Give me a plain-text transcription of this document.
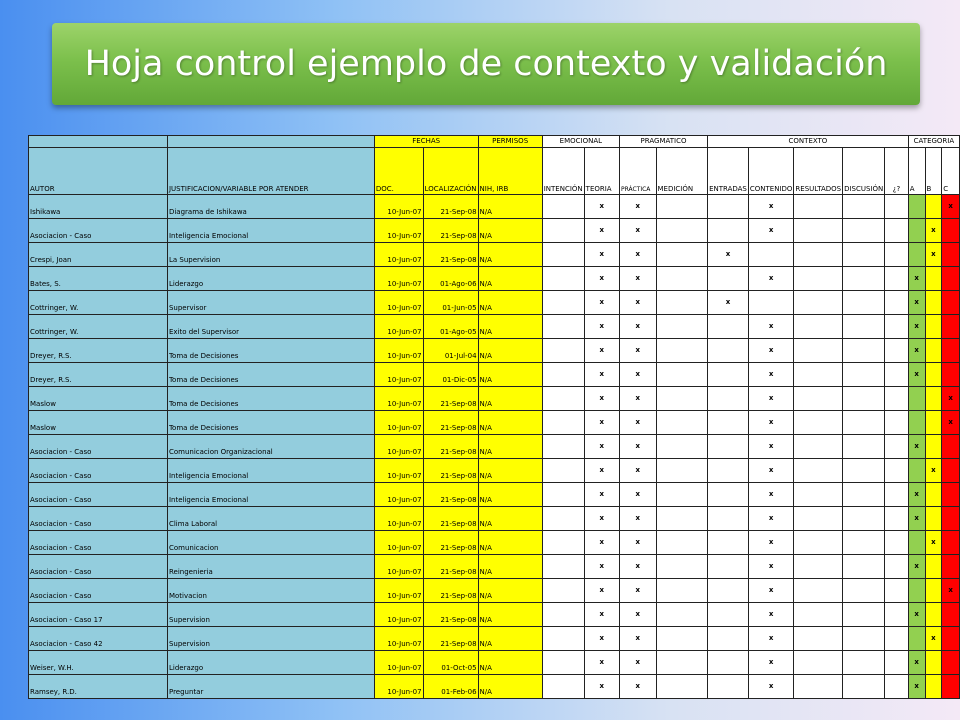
Hoja control ejemplo de contexto y validación
		FECHAS		PERMISOS	EMOCIONAL		PRAGMATICO		CONTEXTO					CATEGORIA		
AUTOR	JUSTIFICACION/VARIABLE POR ATENDER	DOC.	LOCALIZACIÓN	NIH, IRB	INTENCIÓN	TEORIA	PRÁCTICA	MEDICIÓN	ENTRADAS	CONTENIDO	RESULTADOS	DISCUSIÓN	¿?	A	B	C
Ishikawa	Diagrama de Ishikawa	10-Jun-07	21-Sep-08	N/A		x	x			x						x
Asociacion - Caso	Inteligencia Emocional	10-Jun-07	21-Sep-08	N/A		x	x			x					x	
Crespi, Joan	La Supervision	10-Jun-07	21-Sep-08	N/A		x	x		x						x	
Bates, S.	Liderazgo	10-Jun-07	01-Ago-06	N/A		x	x			x				x		
Cottringer, W.	Supervisor	10-Jun-07	01-Jun-05	N/A		x	x		x					x		
Cottringer, W.	Exito del Supervisor	10-Jun-07	01-Ago-05	N/A		x	x			x				x		
Dreyer, R.S.	Toma de Decisiones	10-Jun-07	01-Jul-04	N/A		x	x			x				x		
Dreyer, R.S.	Toma de Decisiones	10-Jun-07	01-Dic-05	N/A		x	x			x				x		
Maslow	Toma de Decisiones	10-Jun-07	21-Sep-08	N/A		x	x			x						x
Maslow	Toma de Decisiones	10-Jun-07	21-Sep-08	N/A		x	x			x						x
Asociacion - Caso	Comunicacion Organizacional	10-Jun-07	21-Sep-08	N/A		x	x			x				x		
Asociacion - Caso	Inteligencia Emocional	10-Jun-07	21-Sep-08	N/A		x	x			x					x	
Asociacion - Caso	Inteligencia Emocional	10-Jun-07	21-Sep-08	N/A		x	x			x				x		
Asociacion - Caso	Clima Laboral	10-Jun-07	21-Sep-08	N/A		x	x			x				x		
Asociacion - Caso	Comunicacion	10-Jun-07	21-Sep-08	N/A		x	x			x					x	
Asociacion - Caso	Reingenieria	10-Jun-07	21-Sep-08	N/A		x	x			x				x		
Asociacion - Caso	Motivacion	10-Jun-07	21-Sep-08	N/A		x	x			x						x
Asociacion - Caso 17	Supervision	10-Jun-07	21-Sep-08	N/A		x	x			x				x		
Asociacion - Caso 42	Supervision	10-Jun-07	21-Sep-08	N/A		x	x			x					x	
Weiser, W.H.	Liderazgo	10-Jun-07	01-Oct-05	N/A		x	x			x				x		
Ramsey, R.D.	Preguntar	10-Jun-07	01-Feb-06	N/A		x	x			x				x		
